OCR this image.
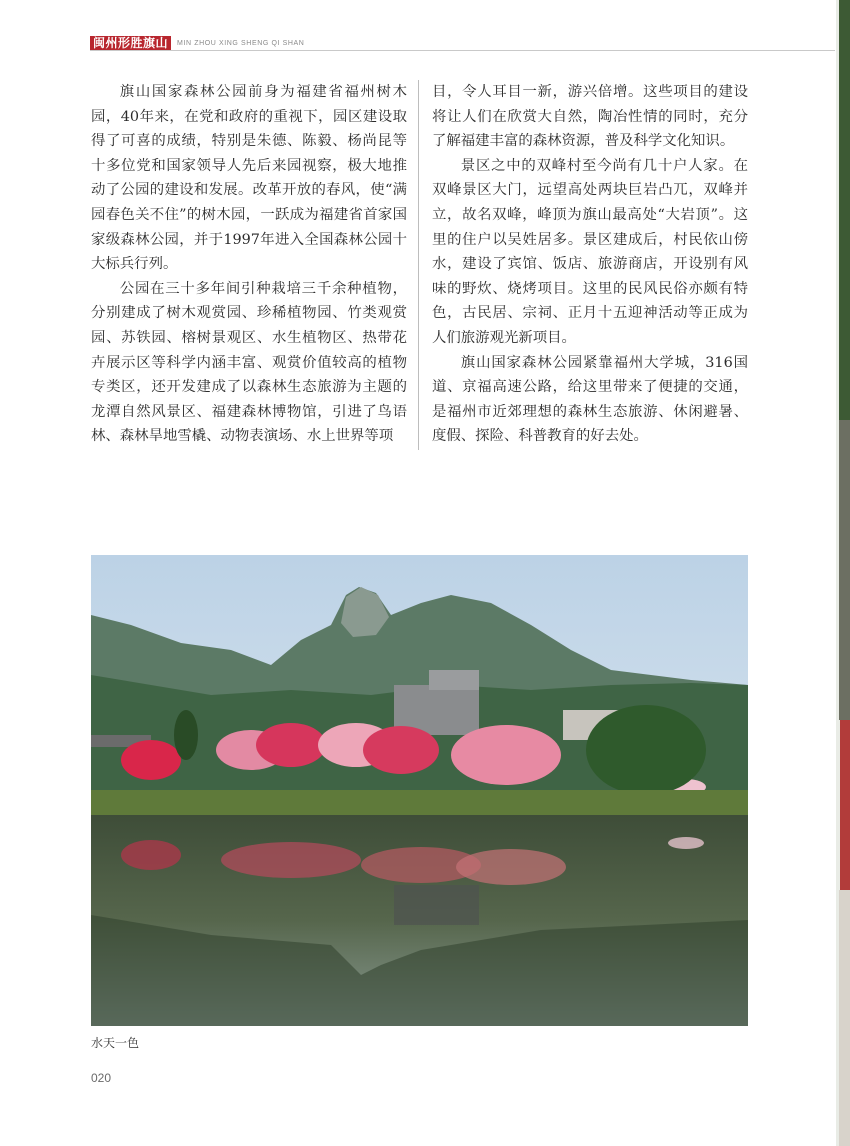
闽州形胜旗山	MIN ZHOU XING SHENG QI SHAN

旗山国家森林公园前身为福建省福州树木园，40年来，在党和政府的重视下，园区建设取得了可喜的成绩，特别是朱德、陈毅、杨尚昆等十多位党和国家领导人先后来园视察，极大地推动了公园的建设和发展。改革开放的春风，使“满园春色关不住”的树木园，一跃成为福建省首家国家级森林公园，并于1997年进入全国森林公园十大标兵行列。

公园在三十多年间引种栽培三千余种植物，分别建成了树木观赏园、珍稀植物园、竹类观赏园、苏铁园、榕树景观区、水生植物区、热带花卉展示区等科学内涵丰富、观赏价值较高的植物专类区，还开发建成了以森林生态旅游为主题的龙潭自然风景区、福建森林博物馆，引进了鸟语林、森林旱地雪橇、动物表演场、水上世界等项

目，令人耳目一新，游兴倍增。这些项目的建设将让人们在欣赏大自然，陶冶性情的同时，充分了解福建丰富的森林资源，普及科学文化知识。

景区之中的双峰村至今尚有几十户人家。在双峰景区大门，远望高处两块巨岩凸兀，双峰并立，故名双峰，峰顶为旗山最高处“大岩顶”。这里的住户以吴姓居多。景区建成后，村民依山傍水，建设了宾馆、饭店、旅游商店，开设别有风味的野炊、烧烤项目。这里的民风民俗亦颇有特色，古民居、宗祠、正月十五迎神活动等正成为人们旅游观光新项目。

旗山国家森林公园紧靠福州大学城，316国道、京福高速公路，给这里带来了便捷的交通，是福州市近郊理想的森林生态旅游、休闲避暑、度假、探险、科普教育的好去处。

水天一色
020
